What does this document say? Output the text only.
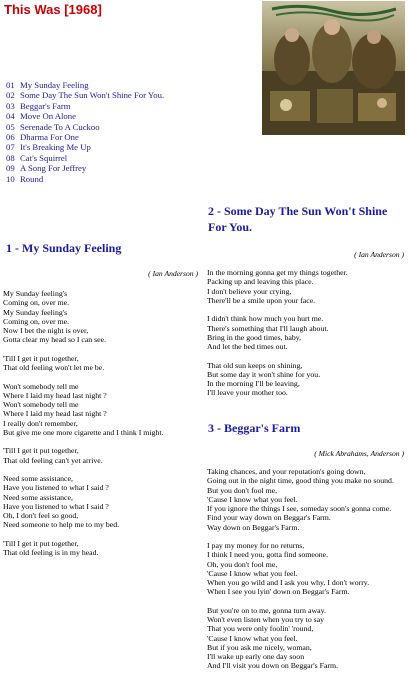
This Was [1968]
01 My Sunday Feeling
02 Some Day The Sun Won't Shine For You.
03 Beggar's Farm
04 Move On Alone
05 Serenade To A Cuckoo
06 Dharma For One
07 It's Breaking Me Up
08 Cat's Squirrel
09 A Song For Jeffrey
10 Round
1 - My Sunday Feeling
( Ian Anderson )
My Sunday feeling's
Coming on, over me.
My Sunday feeling's
Coming on, over me.
Now I bet the night is over,
Gotta clear my head so I can see.

'Till I get it put together,
That old feeling won't let me be.

Won't somebody tell me
Where I laid my head last night ?
Won't somebody tell me
Where I laid my head last night ?
I really don't remember,
But give me one more cigarette and I think I might.

'Till I get it put together,
That old feeling can't yet arrive.

Need some assistance,
Have you listened to what I said ?
Need some assistance,
Have you listened to what I said ?
Oh, I don't feel so good,
Need someone to help me to my bed.

'Till I get it put together,
That old feeling is in my head.
2 - Some Day The Sun Won't Shine For You.
( Ian Anderson )
In the morning gonna get my things together.
Packing up and leaving this place.
I don't believe your crying,
There'll be a smile upon your face.

I didn't think how much you hurt me.
There's something that I'll laugh about.
Bring in the good times, baby,
And let the bed times out.

That old sun keeps on shining,
But some day it won't shine for you.
In the morning I'll be leaving,
I'll leave your mother too.
3 - Beggar's Farm
( Mick Abrahams, Anderson )
Taking chances, and your reputation's going down,
Going out in the night time, good thing you make no sound.
But you don't fool me,
'Cause I know what you feel.
If you ignore the things I see, someday soon's gonna come.
Find your way down on Beggar's Farm.
Way down on Beggar's Farm.

I pay my money for no returns,
I think I need you, gotta find someone.
Oh, you don't fool me,
'Cause I know what you feel.
When you go wild and I ask you why, I don't worry.
When I see you lyin' down on Beggar's Farm.

But you're on to me, gonna turn away.
Won't even listen when you try to say
That you were only foolin' 'round,
'Cause I know what you feel.
But if you ask me nicely, woman,
I'll wake up early one day soon
And I'll visit you down on Beggar's Farm.
